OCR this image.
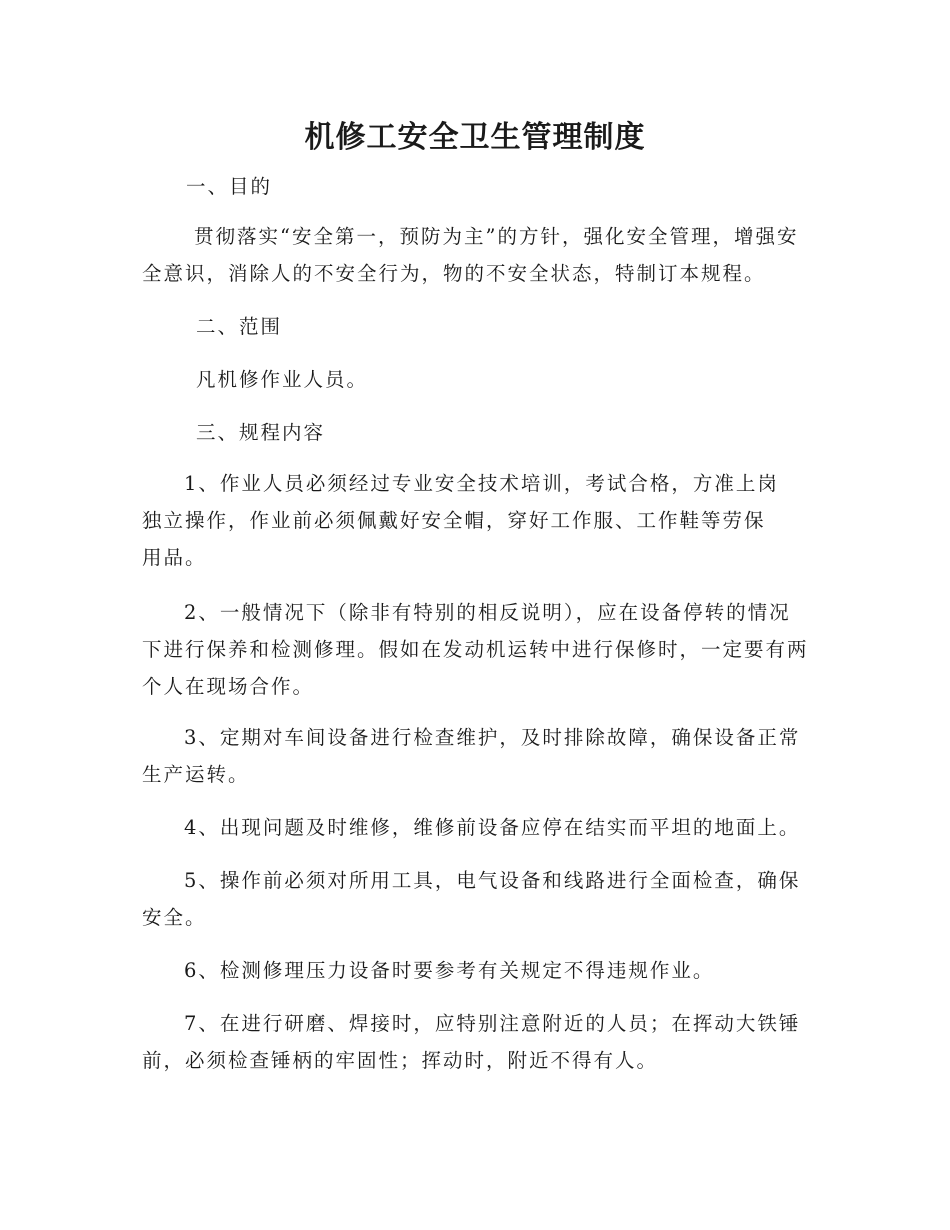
机修工安全卫生管理制度

一、目的

贯彻落实“安全第一，预防为主”的方针，强化安全管理，增强安全意识，消除人的不安全行为，物的不安全状态，特制订本规程。

二、范围

凡机修作业人员。

三、规程内容

1、作业人员必须经过专业安全技术培训，考试合格，方准上岗独立操作，作业前必须佩戴好安全帽，穿好工作服、工作鞋等劳保用品。

2、一般情况下（除非有特别的相反说明），应在设备停转的情况下进行保养和检测修理。假如在发动机运转中进行保修时，一定要有两个人在现场合作。

3、定期对车间设备进行检查维护，及时排除故障，确保设备正常生产运转。

4、出现问题及时维修，维修前设备应停在结实而平坦的地面上。

5、操作前必须对所用工具，电气设备和线路进行全面检查，确保安全。

6、检测修理压力设备时要参考有关规定不得违规作业。

7、在进行研磨、焊接时，应特别注意附近的人员；在挥动大铁锤前，必须检查锤柄的牢固性；挥动时，附近不得有人。
